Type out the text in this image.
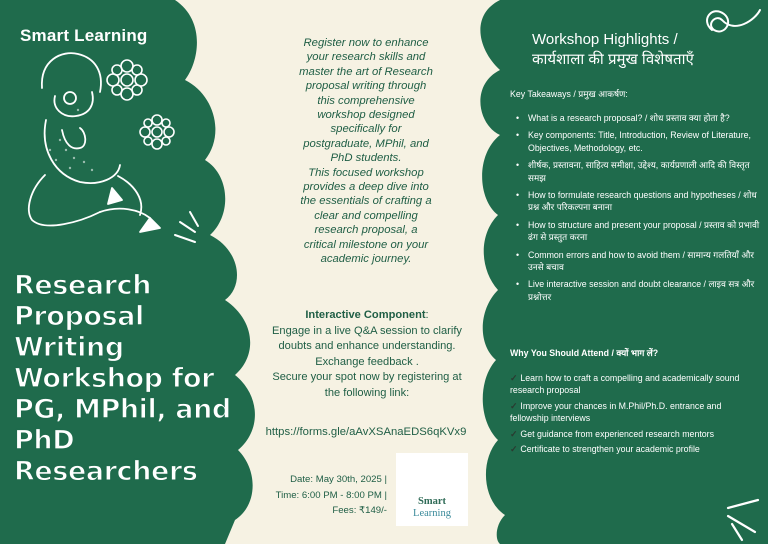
Smart Learning
Research
Proposal
Writing
Workshop for
PG, MPhil, and
PhD
Researchers
Register now to enhance
your research skills and
master the art of Research
proposal writing through
this comprehensive
workshop designed
specifically for
postgraduate, MPhil, and
PhD students.
This focused workshop
provides a deep dive into
the essentials of crafting a
clear and compelling
research proposal, a
critical milestone on your
academic journey.
Interactive Component:
Engage in a live Q&A session to clarify
doubts and enhance understanding.
Exchange feedback .
Secure your spot now by registering at
the following link:
https://forms.gle/aAvXSAnaEDS6qKVx9
Date: May 30th, 2025 |
Time: 6:00 PM - 8:00 PM |
Fees: ₹149/-
Smart
Learning
Workshop Highlights /
कार्यशाला की प्रमुख विशेषताएँ
Key Takeaways / प्रमुख आकर्षण:
• What is a research proposal? / शोध प्रस्ताव क्या होता है?
• Key components: Title, Introduction, Review of Literature, Objectives, Methodology, etc.
• शीर्षक, प्रस्तावना, साहित्य समीक्षा, उद्देश्य, कार्यप्रणाली आदि की विस्तृत समझ
• How to formulate research questions and hypotheses / शोध प्रश्न और परिकल्पना बनाना
• How to structure and present your proposal / प्रस्ताव को प्रभावी ढंग से प्रस्तुत करना
• Common errors and how to avoid them / सामान्य गलतियाँ और उनसे बचाव
• Live interactive session and doubt clearance / लाइव सत्र और प्रश्नोत्तर
Why You Should Attend / क्यों भाग लें?
✓ Learn how to craft a compelling and academically sound research proposal
✓ Improve your chances in M.Phil/Ph.D. entrance and fellowship interviews
✓ Get guidance from experienced research mentors
✓ Certificate to strengthen your academic profile
